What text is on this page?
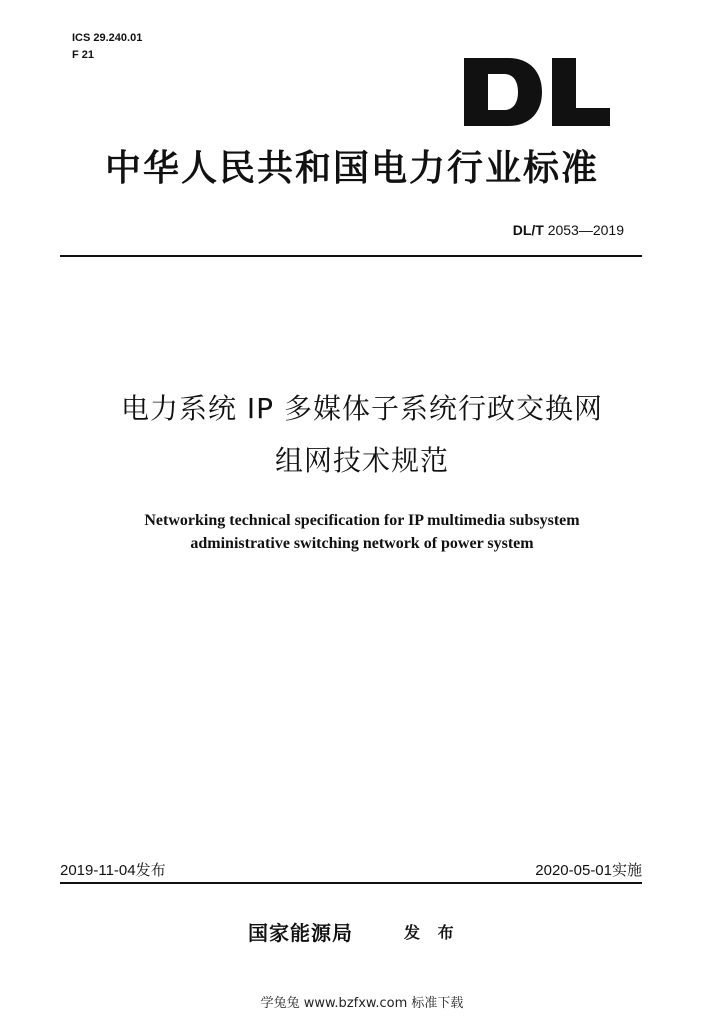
ICS 29.240.01
F 21
中华人民共和国电力行业标准
DL/T 2053—2019
电力系统 IP 多媒体子系统行政交换网
组网技术规范
Networking technical specification for IP multimedia subsystem
administrative switching network of power system
2019-11-04发布	2020-05-01实施
国家能源局	发 布
学兔兔 www.bzfxw.com 标准下载
